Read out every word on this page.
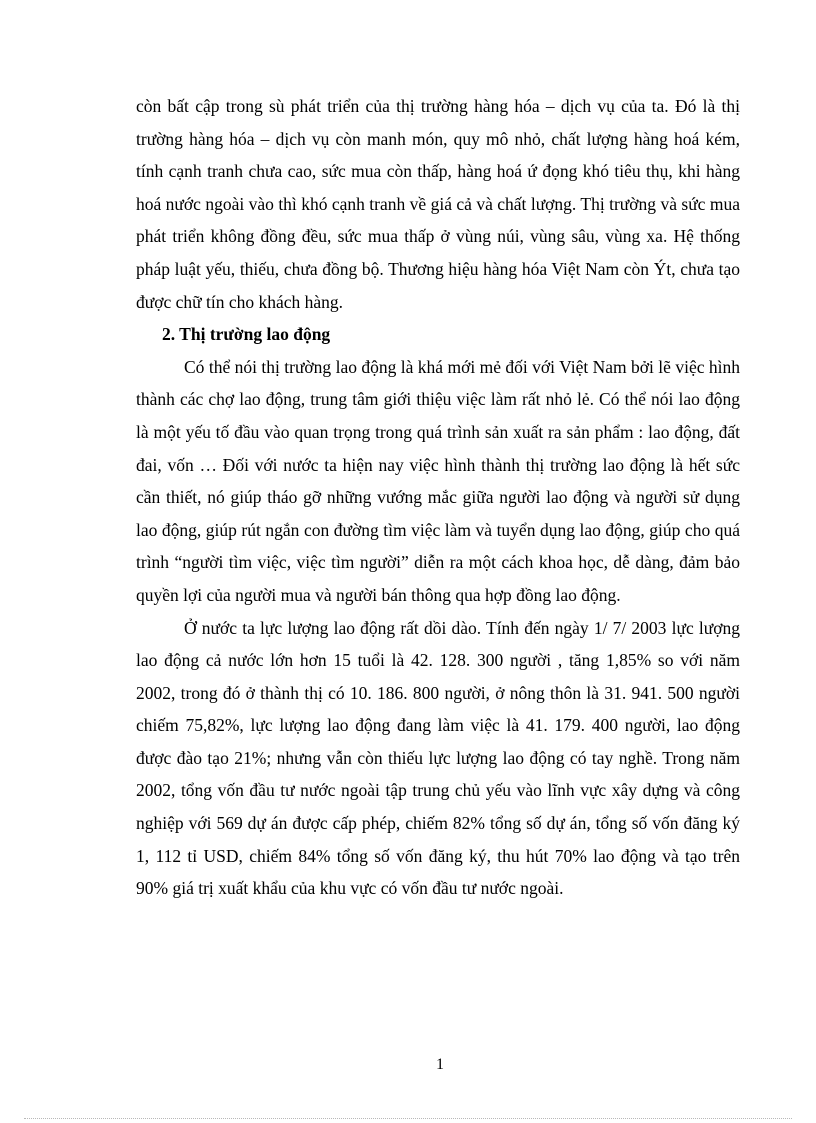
còn bất cập trong sù phát triển của thị trường hàng hóa – dịch vụ của ta. Đó là thị trường hàng hóa – dịch vụ còn manh món, quy mô nhỏ, chất lượng hàng hoá kém, tính cạnh tranh chưa cao, sức mua còn thấp, hàng hoá ứ đọng khó tiêu thụ, khi hàng hoá nước ngoài vào thì khó cạnh tranh về giá cả và chất lượng. Thị trường và sức mua phát triển không đồng đều, sức mua thấp ở vùng núi, vùng sâu, vùng xa. Hệ thống pháp luật yếu, thiếu, chưa đồng bộ. Thương hiệu hàng hóa Việt Nam còn Ýt, chưa tạo được chữ tín cho khách hàng.

2. Thị trường lao động

Có thể nói thị trường lao động là khá mới mẻ đối với Việt Nam bởi lẽ việc hình thành các chợ lao động, trung tâm giới thiệu việc làm rất nhỏ lẻ. Có thể nói lao động là một yếu tố đầu vào quan trọng trong quá trình sản xuất ra sản phẩm : lao động, đất đai, vốn … Đối với nước ta hiện nay việc hình thành thị trường lao động là hết sức cần thiết, nó giúp tháo gỡ những vướng mắc giữa người lao động và người sử dụng lao động, giúp rút ngắn con đường tìm việc làm và tuyển dụng lao động, giúp cho quá trình “người tìm việc, việc tìm người” diễn ra một cách khoa học, dễ dàng, đảm bảo quyền lợi của người mua và người bán thông qua hợp đồng lao động.

Ở nước ta lực lượng lao động rất dồi dào. Tính đến ngày 1/ 7/ 2003 lực lượng lao động cả nước lớn hơn 15 tuổi là 42. 128. 300 người , tăng 1,85% so với năm 2002, trong đó ở thành thị có 10. 186. 800 người, ở nông thôn là 31. 941. 500 người chiếm 75,82%, lực lượng lao động đang làm việc là 41. 179. 400 người, lao động được đào tạo 21%; nhưng vẫn còn thiếu lực lượng lao động có tay nghề. Trong năm 2002, tổng vốn đầu tư nước ngoài tập trung chủ yếu vào lĩnh vực xây dựng và công nghiệp với 569 dự án được cấp phép, chiếm 82% tổng số dự án, tổng số vốn đăng ký 1, 112 tỉ USD, chiếm 84% tổng số vốn đăng ký, thu hút 70% lao động và tạo trên 90% giá trị xuất khẩu của khu vực có vốn đầu tư nước ngoài.

1
